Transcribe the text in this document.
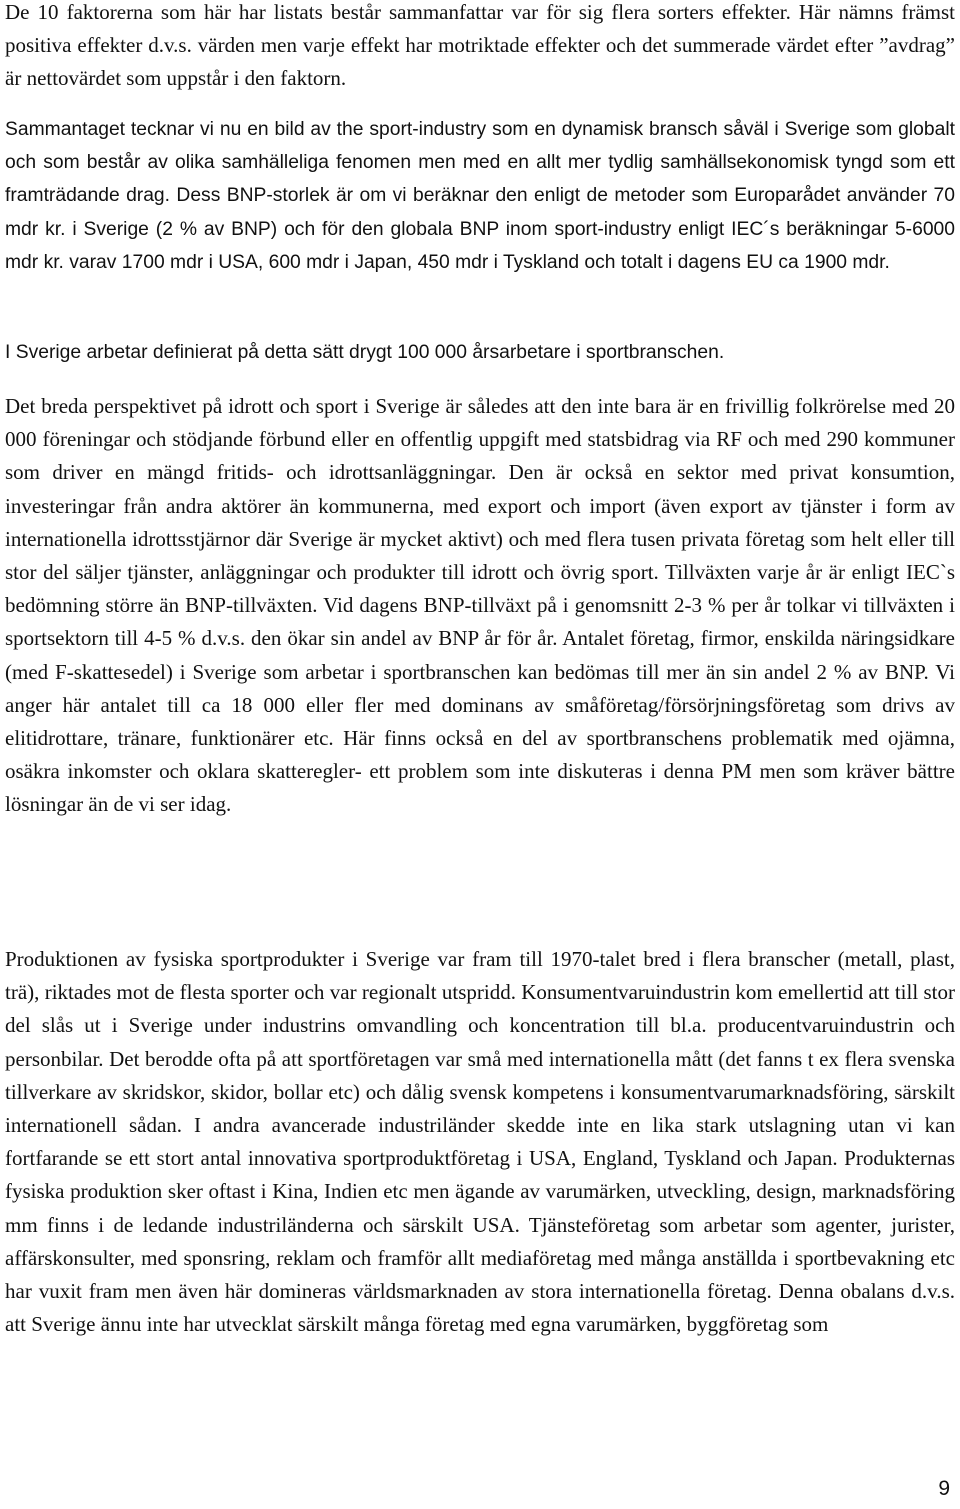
De 10 faktorerna som här har listats består sammanfattar var för sig flera sorters effekter. Här nämns främst positiva effekter d.v.s. värden men varje effekt har motriktade effekter och det summerade värdet efter ”avdrag” är nettovärdet som uppstår i den faktorn.

Sammantaget tecknar vi nu en bild av the sport-industry som en dynamisk bransch såväl i Sverige som globalt och som består av olika samhälleliga fenomen men med en allt mer tydlig samhällsekonomisk tyngd som ett framträdande drag. Dess BNP-storlek är om vi beräknar den enligt de metoder som Europarådet använder 70 mdr kr. i Sverige (2 % av BNP) och för den globala BNP inom sport-industry enligt IEC´s beräkningar 5-6000 mdr kr. varav 1700 mdr i USA, 600 mdr i Japan, 450 mdr i Tyskland och totalt i dagens EU ca 1900 mdr.

I Sverige arbetar definierat på detta sätt drygt 100 000 årsarbetare i sportbranschen.

Det breda perspektivet på idrott och sport i Sverige är således att den inte bara är en frivillig folkrörelse med 20 000 föreningar och stödjande förbund eller en offentlig uppgift med statsbidrag via RF och med 290 kommuner som driver en mängd fritids- och idrottsanläggningar. Den är också en sektor med privat konsumtion, investeringar från andra aktörer än kommunerna, med export och import (även export av tjänster i form av internationella idrottsstjärnor där Sverige är mycket aktivt) och med flera tusen privata företag som helt eller till stor del säljer tjänster, anläggningar och produkter till idrott och övrig sport. Tillväxten varje år är enligt IEC`s bedömning större än BNP-tillväxten. Vid dagens BNP-tillväxt på i genomsnitt 2-3 % per år tolkar vi tillväxten i sportsektorn till 4-5 % d.v.s. den ökar sin andel av BNP år för år. Antalet företag, firmor, enskilda näringsidkare (med F-skattesedel) i Sverige som arbetar i sportbranschen kan bedömas till mer än sin andel 2 % av BNP. Vi anger här antalet till ca 18 000 eller fler med dominans av småföretag/försörjningsföretag som drivs av elitidrottare, tränare, funktionärer etc. Här finns också en del av sportbranschens problematik med ojämna, osäkra inkomster och oklara skatteregler- ett problem som inte diskuteras i denna PM men som kräver bättre lösningar än de vi ser idag.

Produktionen av fysiska sportprodukter i Sverige var fram till 1970-talet bred i flera branscher (metall, plast, trä), riktades mot de flesta sporter och var regionalt utspridd. Konsumentvaruindustrin kom emellertid att till stor del slås ut i Sverige under industrins omvandling och koncentration till bl.a. producentvaruindustrin och personbilar. Det berodde ofta på att sportföretagen var små med internationella mått (det fanns t ex flera svenska tillverkare av skridskor, skidor, bollar etc) och dålig svensk kompetens i konsumentvarumarknadsföring, särskilt internationell sådan. I andra avancerade industriländer skedde inte en lika stark utslagning utan vi kan fortfarande se ett stort antal innovativa sportproduktföretag i USA, England, Tyskland och Japan. Produkternas fysiska produktion sker oftast i Kina, Indien etc men ägande av varumärken, utveckling, design, marknadsföring mm finns i de ledande industriländerna och särskilt USA. Tjänsteföretag som arbetar som agenter, jurister, affärskonsulter, med sponsring, reklam och framför allt mediaföretag med många anställda i sportbevakning etc har vuxit fram men även här domineras världsmarknaden av stora internationella företag. Denna obalans d.v.s. att Sverige ännu inte har utvecklat särskilt många företag med egna varumärken, byggföretag som

9
